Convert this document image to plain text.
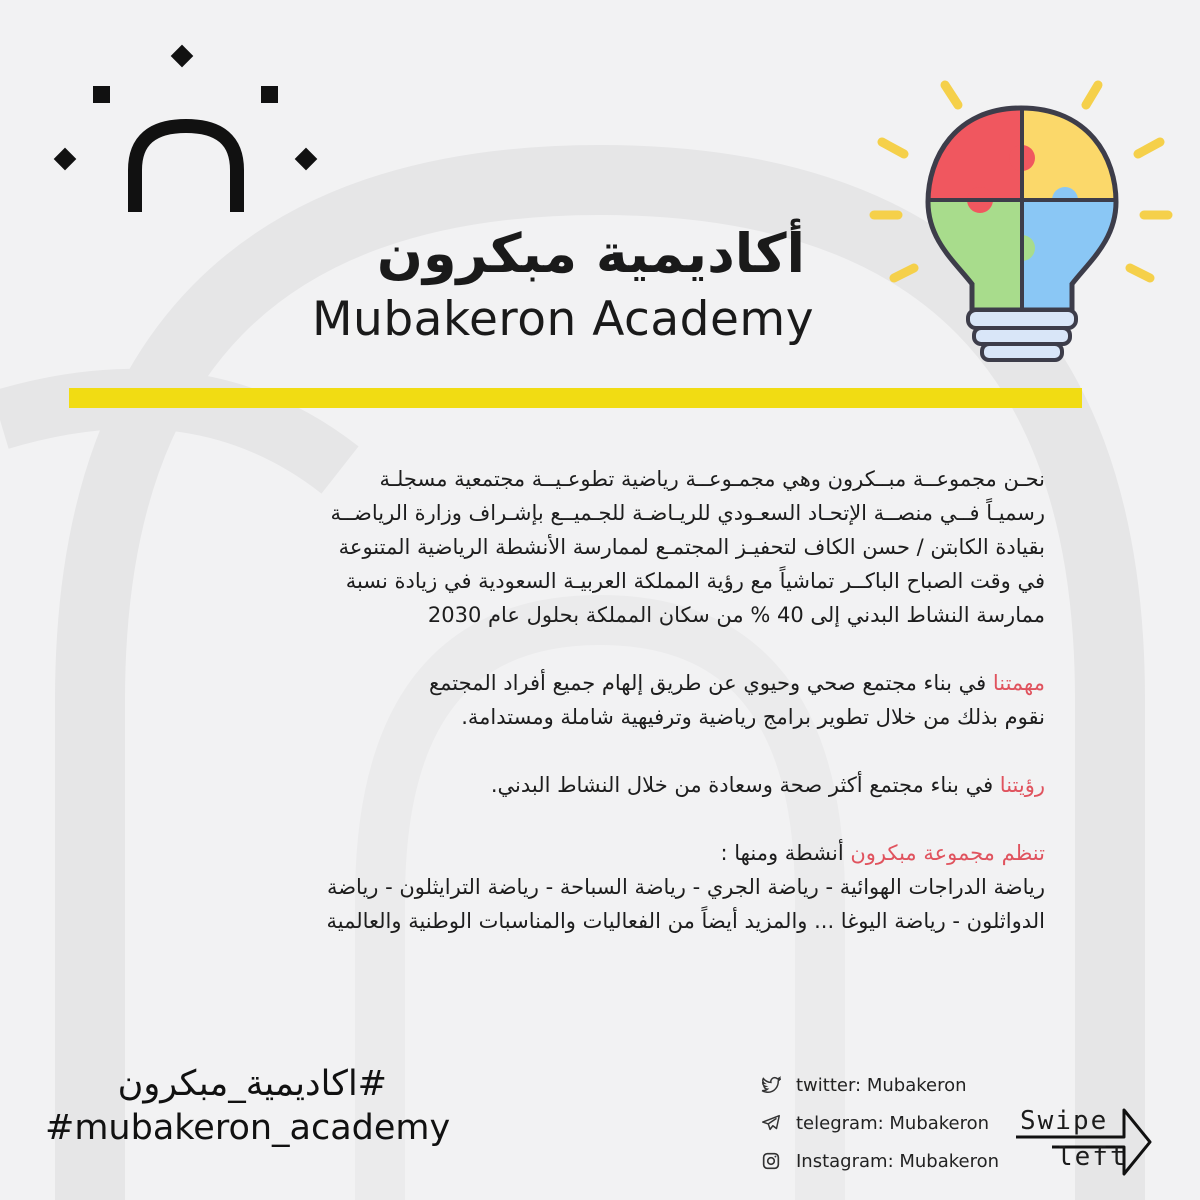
أكاديمية مبكرون
Mubakeron Academy

نحـن مجموعــة مبــكرون وهي مجمـوعــة رياضية تطوعـيــة مجتمعية مسجلـة
رسميـاً فــي منصــة الإتحـاد السعـودي للريـاضـة للجـميــع بإشـراف وزارة الرياضــة
بقيادة الكابتن / حسن الكاف لتحفيـز المجتمـع لممارسة الأنشطة الرياضية المتنوعة
في وقت الصباح الباكــر تماشياً مع رؤية المملكة العربيـة السعودية في زيادة نسبة
ممارسة النشاط البدني إلى 40 % من سكان المملكة بحلول عام 2030

مهمتنا في بناء مجتمع صحي وحيوي عن طريق إلهام جميع أفراد المجتمع
نقوم بذلك من خلال تطوير برامج رياضية وترفيهية شاملة ومستدامة.

رؤيتنا في بناء مجتمع أكثر صحة وسعادة من خلال النشاط البدني.

تنظم مجموعة مبكرون أنشطة ومنها :
رياضة الدراجات الهوائية - رياضة الجري - رياضة السباحة - رياضة الترايثلون - رياضة
الدواثلون - رياضة اليوغا ... والمزيد أيضاً من الفعاليات والمناسبات الوطنية والعالمية

#اكاديمية_مبكرون
#mubakeron_academy
twitter: Mubakeron
telegram: Mubakeron
Instagram: Mubakeron
Swipe
left
